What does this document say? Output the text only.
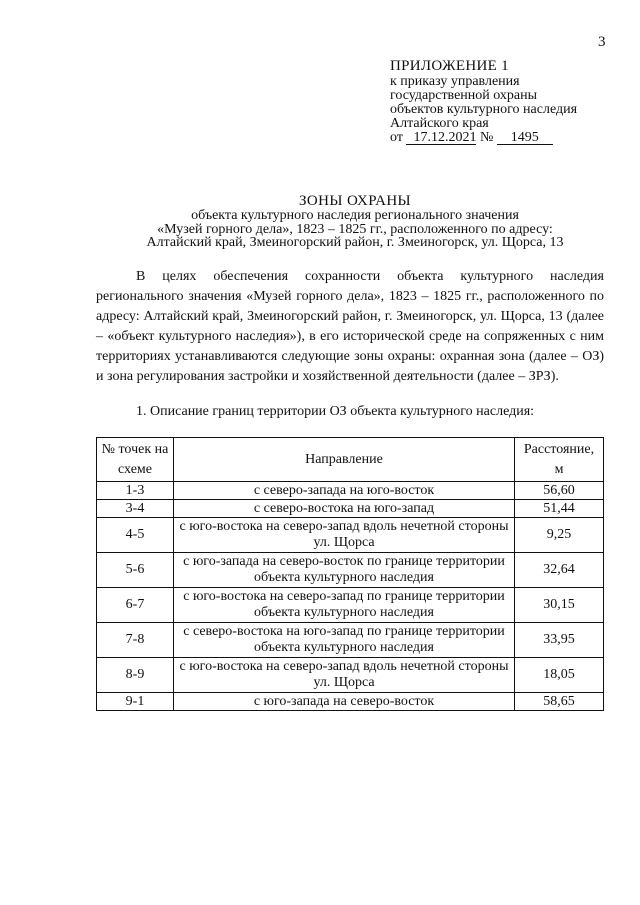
3
ПРИЛОЖЕНИЕ 1
к приказу управления
государственной охраны
объектов культурного наследия
Алтайского края
от 17.12.2021 № 1495
ЗОНЫ ОХРАНЫ
объекта культурного наследия регионального значения
«Музей горного дела», 1823 – 1825 гг., расположенного по адресу:
Алтайский край, Змеиногорский район, г. Змеиногорск, ул. Щорса, 13

В целях обеспечения сохранности объекта культурного наследия регионального значения «Музей горного дела», 1823 – 1825 гг., расположенного по адресу: Алтайский край, Змеиногорский район, г. Змеиногорск, ул. Щорса, 13 (далее – «объект культурного наследия»), в его исторической среде на сопряженных с ним территориях устанавливаются следующие зоны охраны: охранная зона (далее – ОЗ) и зона регулирования застройки и хозяйственной деятельности (далее – ЗРЗ).

1. Описание границ территории ОЗ объекта культурного наследия:
№ точек на схеме	Направление	Расстояние, м
1-3	с северо-запада на юго-восток	56,60
3-4	с северо-востока на юго-запад	51,44
4-5	с юго-востока на северо-запад вдоль нечетной стороны ул. Щорса	9,25
5-6	с юго-запада на северо-восток по границе территории объекта культурного наследия	32,64
6-7	с юго-востока на северо-запад по границе территории объекта культурного наследия	30,15
7-8	с северо-востока на юго-запад по границе территории объекта культурного наследия	33,95
8-9	с юго-востока на северо-запад вдоль нечетной стороны ул. Щорса	18,05
9-1	с юго-запада на северо-восток	58,65
